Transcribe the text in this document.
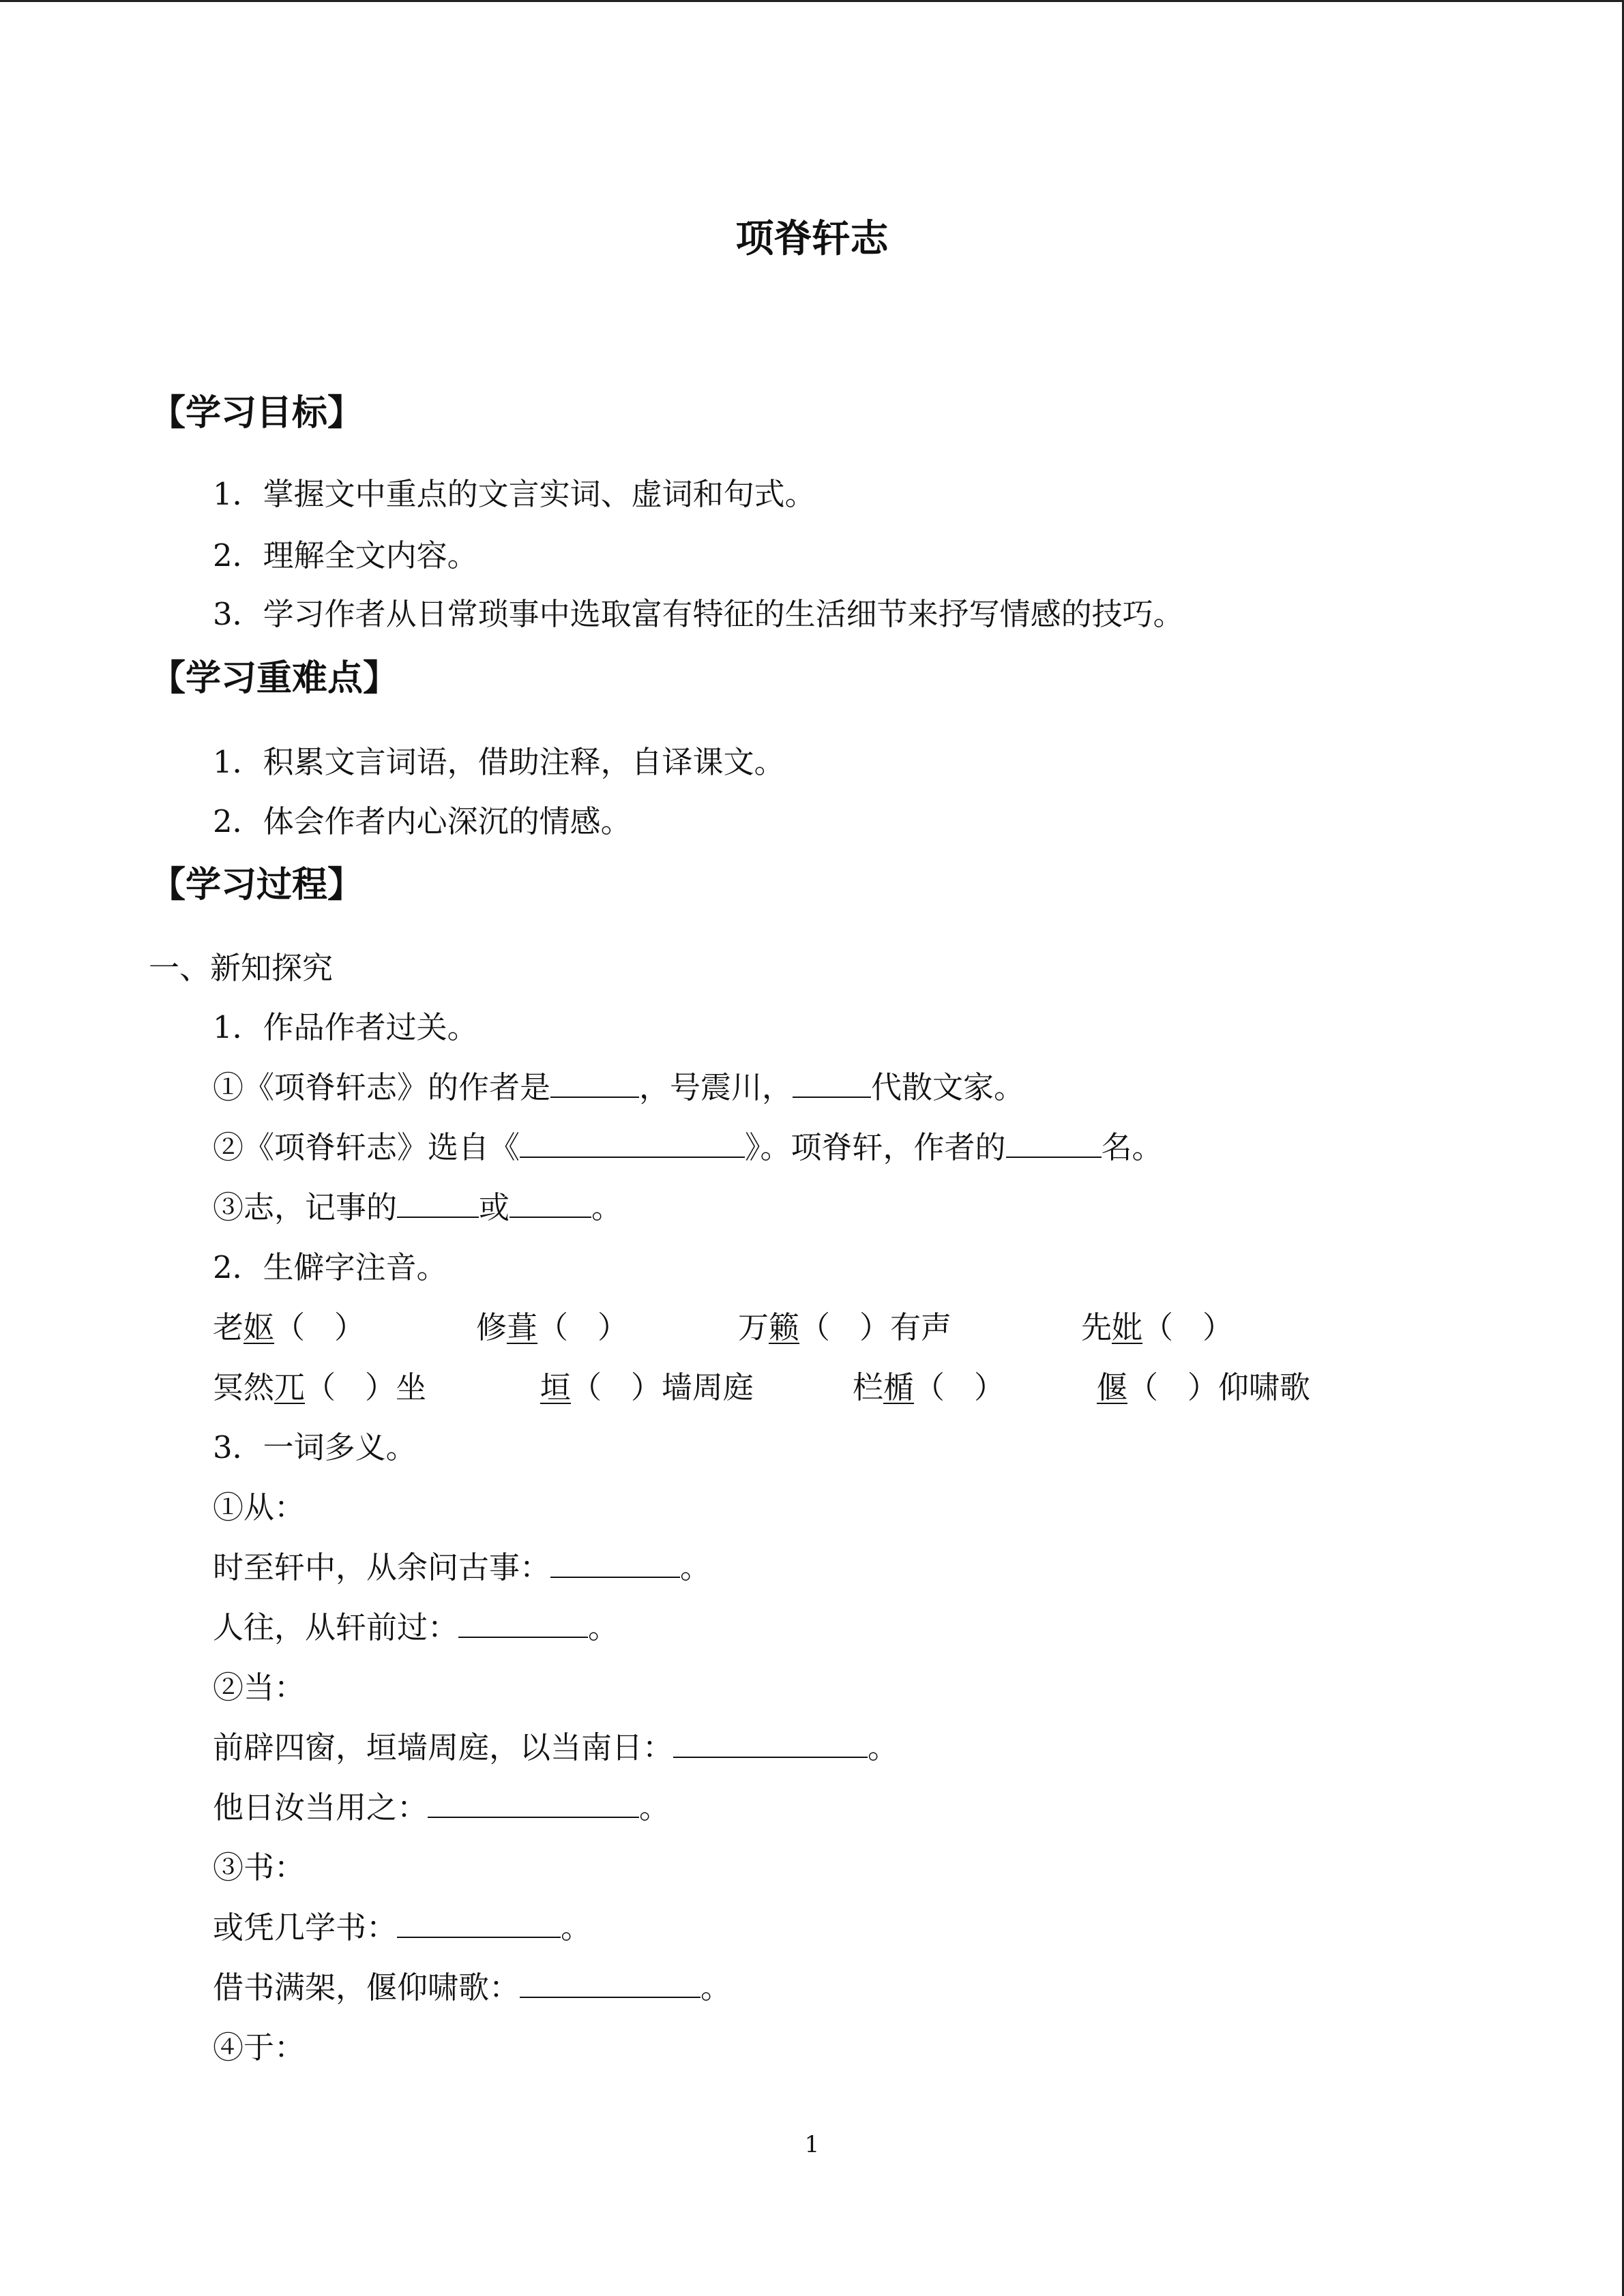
项脊轩志
【学习目标】
1．掌握文中重点的文言实词、虚词和句式。
2．理解全文内容。
3．学习作者从日常琐事中选取富有特征的生活细节来抒写情感的技巧。
【学习重难点】
1．积累文言词语，借助注释，自译课文。
2．体会作者内心深沉的情感。
【学习过程】
一、新知探究
1．作品作者过关。
①《项脊轩志》的作者是	，号震川，	代散文家。
②《项脊轩志》选自《	》。项脊轩，作者的	名。
③志，记事的	或	。
2．生僻字注音。
老妪（   ）	修葺（   ）	万籁（   ）有声	先妣（   ）
冥然兀（   ）坐	垣（   ）墙周庭	栏楯（   ）	偃（   ）仰啸歌
3．一词多义。
①从：
时至轩中，从余问古事：	。
人往，从轩前过：	。
②当：
前辟四窗，垣墙周庭，以当南日：	。
他日汝当用之：	。
③书：
或凭几学书：	。
借书满架，偃仰啸歌：	。
④于：
1
